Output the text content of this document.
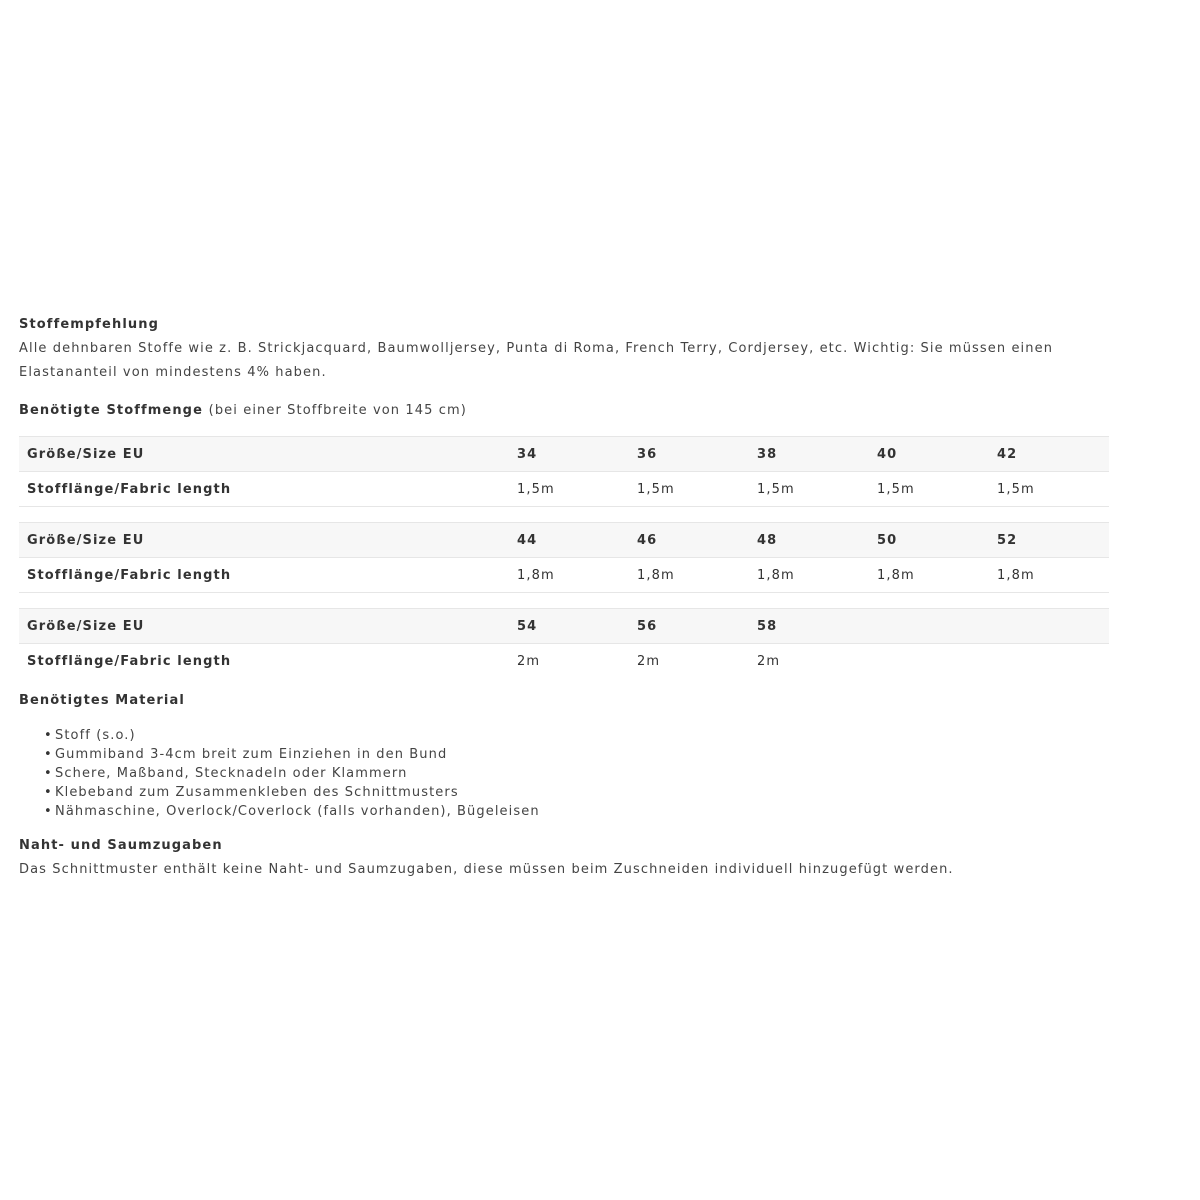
Stoffempfehlung

Alle dehnbaren Stoffe wie z. B. Strickjacquard, Baumwolljersey, Punta di Roma, French Terry, Cordjersey, etc. Wichtig: Sie müssen einen Elastananteil von mindestens 4% haben.

Benötigte Stoffmenge (bei einer Stoffbreite von 145 cm)
Größe/Size EU	34	36	38	40	42
Stofflänge/Fabric length	1,5m	1,5m	1,5m	1,5m	1,5m
Größe/Size EU	44	46	48	50	52
Stofflänge/Fabric length	1,8m	1,8m	1,8m	1,8m	1,8m
Größe/Size EU	54	56	58		
Stofflänge/Fabric length	2m	2m	2m		
Benötigtes Material
• Stoff (s.o.)
• Gummiband 3-4cm breit zum Einziehen in den Bund
• Schere, Maßband, Stecknadeln oder Klammern
• Klebeband zum Zusammenkleben des Schnittmusters
• Nähmaschine, Overlock/Coverlock (falls vorhanden), Bügeleisen
Naht- und Saumzugaben

Das Schnittmuster enthält keine Naht- und Saumzugaben, diese müssen beim Zuschneiden individuell hinzugefügt werden.
